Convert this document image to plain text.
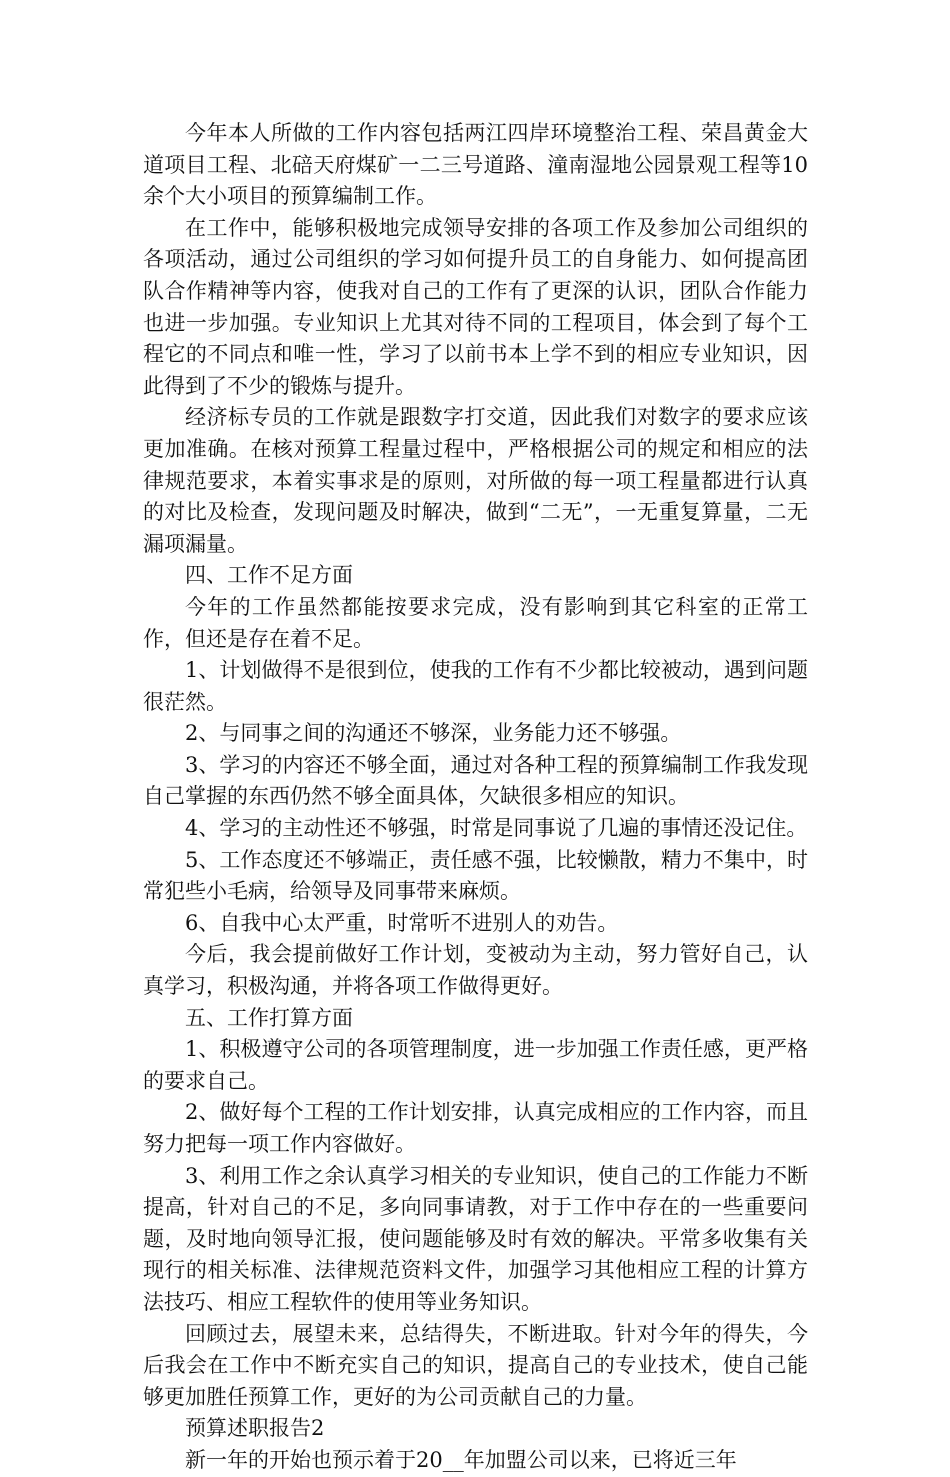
今年本人所做的工作内容包括两江四岸环境整治工程、荣昌黄金大道项目工程、北碚天府煤矿一二三号道路、潼南湿地公园景观工程等10余个大小项目的预算编制工作。

在工作中，能够积极地完成领导安排的各项工作及参加公司组织的各项活动，通过公司组织的学习如何提升员工的自身能力、如何提高团队合作精神等内容，使我对自己的工作有了更深的认识，团队合作能力也进一步加强。专业知识上尤其对待不同的工程项目，体会到了每个工程它的不同点和唯一性，学习了以前书本上学不到的相应专业知识，因此得到了不少的锻炼与提升。

经济标专员的工作就是跟数字打交道，因此我们对数字的要求应该更加准确。在核对预算工程量过程中，严格根据公司的规定和相应的法律规范要求，本着实事求是的原则，对所做的每一项工程量都进行认真的对比及检查，发现问题及时解决，做到“二无”，一无重复算量，二无漏项漏量。

四、工作不足方面

今年的工作虽然都能按要求完成，没有影响到其它科室的正常工作，但还是存在着不足。

1、计划做得不是很到位，使我的工作有不少都比较被动，遇到问题很茫然。

2、与同事之间的沟通还不够深，业务能力还不够强。

3、学习的内容还不够全面，通过对各种工程的预算编制工作我发现自己掌握的东西仍然不够全面具体，欠缺很多相应的知识。

4、学习的主动性还不够强，时常是同事说了几遍的事情还没记住。

5、工作态度还不够端正，责任感不强，比较懒散，精力不集中，时常犯些小毛病，给领导及同事带来麻烦。

6、自我中心太严重，时常听不进别人的劝告。

今后，我会提前做好工作计划，变被动为主动，努力管好自己，认真学习，积极沟通，并将各项工作做得更好。

五、工作打算方面

1、积极遵守公司的各项管理制度，进一步加强工作责任感，更严格的要求自己。

2、做好每个工程的工作计划安排，认真完成相应的工作内容，而且努力把每一项工作内容做好。

3、利用工作之余认真学习相关的专业知识，使自己的工作能力不断提高，针对自己的不足，多向同事请教，对于工作中存在的一些重要问题，及时地向领导汇报，使问题能够及时有效的解决。平常多收集有关现行的相关标准、法律规范资料文件，加强学习其他相应工程的计算方法技巧、相应工程软件的使用等业务知识。

回顾过去，展望未来，总结得失，不断进取。针对今年的得失，今后我会在工作中不断充实自己的知识，提高自己的专业技术，使自己能够更加胜任预算工作，更好的为公司贡献自己的力量。

预算述职报告2

新一年的开始也预示着于20__年加盟公司以来，已将近三年
